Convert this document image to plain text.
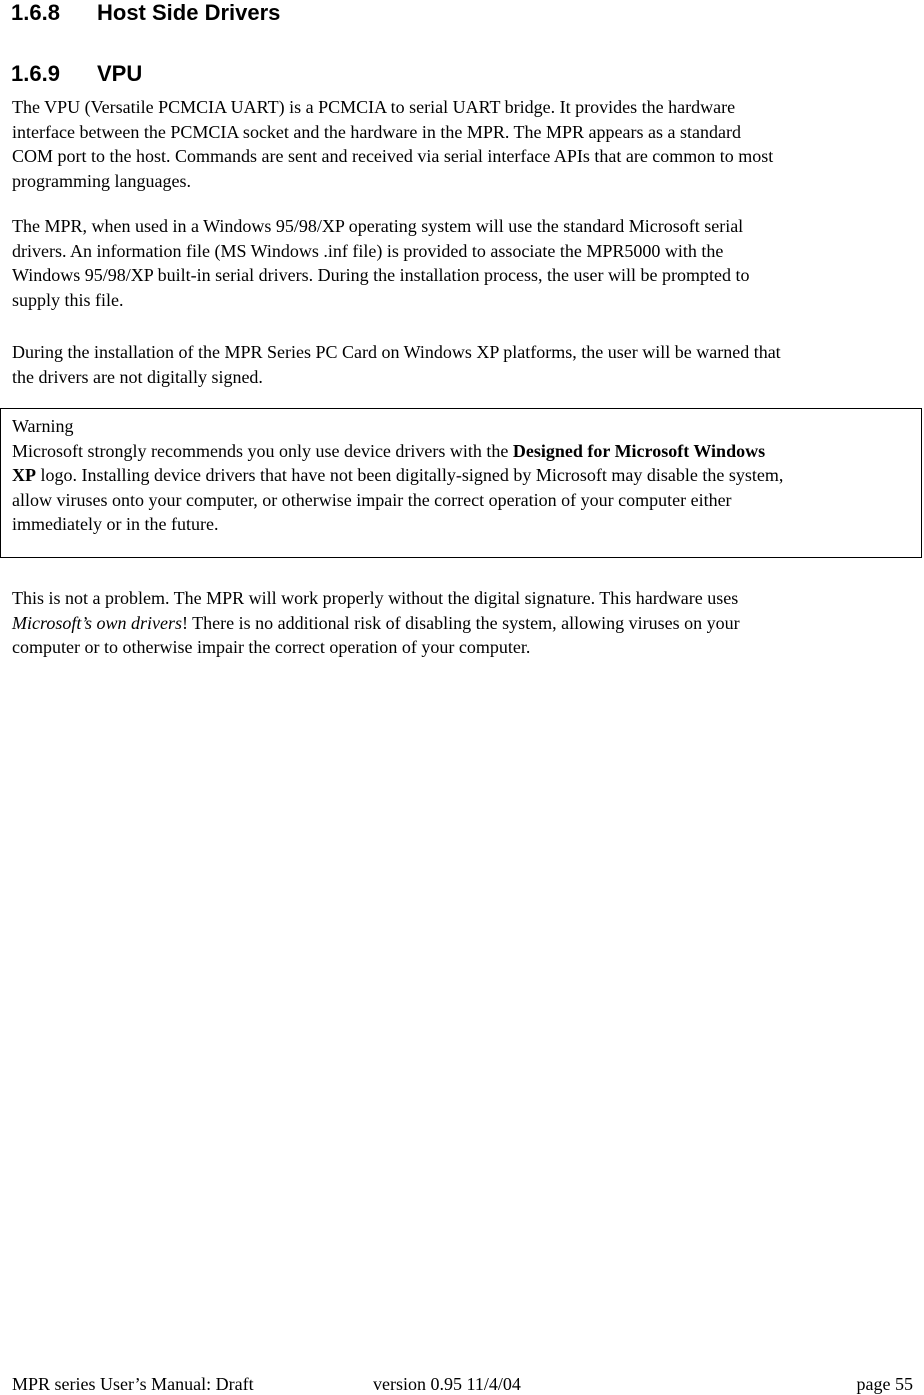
1.6.8 Host Side Drivers
1.6.9 VPU
The VPU (Versatile PCMCIA UART) is a PCMCIA to serial UART bridge. It provides the hardware
interface between the PCMCIA socket and the hardware in the MPR. The MPR appears as a standard
COM port to the host. Commands are sent and received via serial interface APIs that are common to most
programming languages.
The MPR, when used in a Windows 95/98/XP operating system will use the standard Microsoft serial
drivers. An information file (MS Windows .inf file) is provided to associate the MPR5000 with the
Windows 95/98/XP built-in serial drivers. During the installation process, the user will be prompted to
supply this file.
During the installation of the MPR Series PC Card on Windows XP platforms, the user will be warned that
the drivers are not digitally signed.
Warning
Microsoft strongly recommends you only use device drivers with the Designed for Microsoft Windows
XP logo. Installing device drivers that have not been digitally-signed by Microsoft may disable the system,
allow viruses onto your computer, or otherwise impair the correct operation of your computer either
immediately or in the future.
This is not a problem. The MPR will work properly without the digital signature. This hardware uses
Microsoft’s own drivers! There is no additional risk of disabling the system, allowing viruses on your
computer or to otherwise impair the correct operation of your computer.
MPR series User’s Manual: Draft	version 0.95 11/4/04	page 55
